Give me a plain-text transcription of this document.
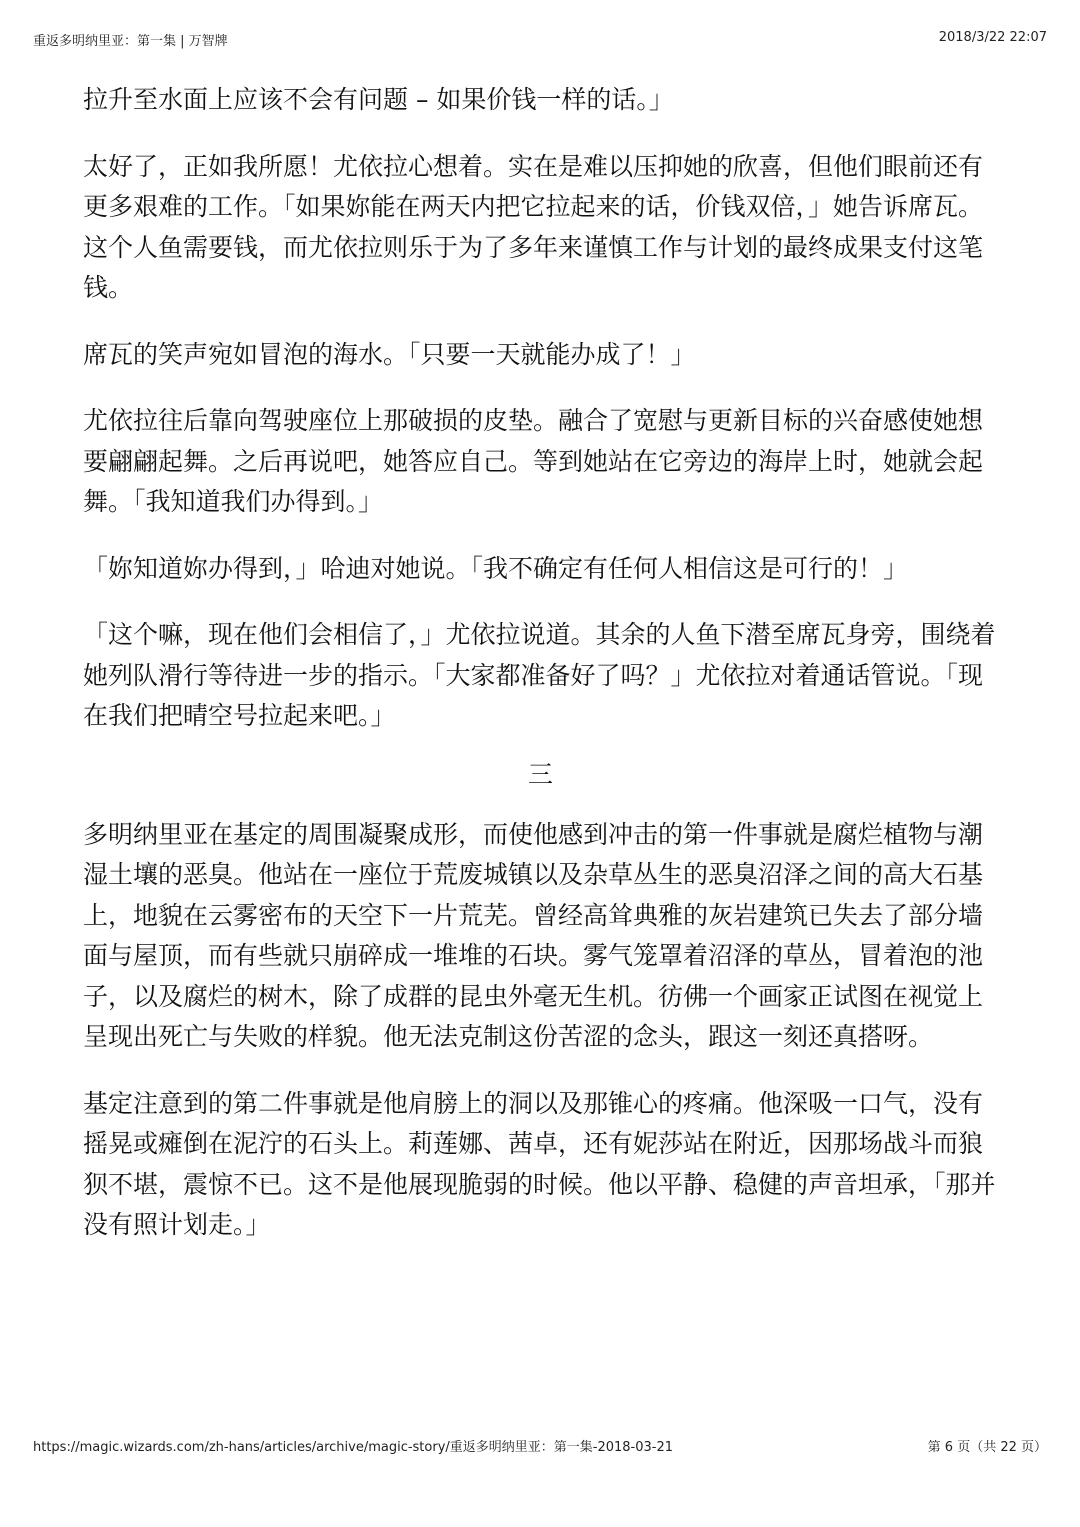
重返多明纳里亚：第一集 | 万智牌	2018/3/22 22:07

拉升至水面上应该不会有问题 – 如果价钱一样的话。」

太好了，正如我所愿！尤依拉心想着。实在是难以压抑她的欣喜，但他们眼前还有更多艰难的工作。「如果妳能在两天内把它拉起来的话，价钱双倍，」她告诉席瓦。这个人鱼需要钱，而尤依拉则乐于为了多年来谨慎工作与计划的最终成果支付这笔钱。

席瓦的笑声宛如冒泡的海水。「只要一天就能办成了！」

尤依拉往后靠向驾驶座位上那破损的皮垫。融合了宽慰与更新目标的兴奋感使她想要翩翩起舞。之后再说吧，她答应自己。等到她站在它旁边的海岸上时，她就会起舞。「我知道我们办得到。」

「妳知道妳办得到，」哈迪对她说。「我不确定有任何人相信这是可行的！」

「这个嘛，现在他们会相信了，」尤依拉说道。其余的人鱼下潜至席瓦身旁，围绕着她列队滑行等待进一步的指示。「大家都准备好了吗？」尤依拉对着通话管说。「现在我们把晴空号拉起来吧。」

三

多明纳里亚在基定的周围凝聚成形，而使他感到冲击的第一件事就是腐烂植物与潮湿土壤的恶臭。他站在一座位于荒废城镇以及杂草丛生的恶臭沼泽之间的高大石基上，地貌在云雾密布的天空下一片荒芜。曾经高耸典雅的灰岩建筑已失去了部分墙面与屋顶，而有些就只崩碎成一堆堆的石块。雾气笼罩着沼泽的草丛，冒着泡的池子，以及腐烂的树木，除了成群的昆虫外毫无生机。彷佛一个画家正试图在视觉上呈现出死亡与失败的样貌。他无法克制这份苦涩的念头，跟这一刻还真搭呀。

基定注意到的第二件事就是他肩膀上的洞以及那锥心的疼痛。他深吸一口气，没有摇晃或瘫倒在泥泞的石头上。莉莲娜、茜卓，还有妮莎站在附近，因那场战斗而狼狈不堪，震惊不已。这不是他展现脆弱的时候。他以平静、稳健的声音坦承，「那并没有照计划走。」

https://magic.wizards.com/zh-hans/articles/archive/magic-story/重返多明纳里亚：第一集-2018-03-21	第 6 页（共 22 页）
